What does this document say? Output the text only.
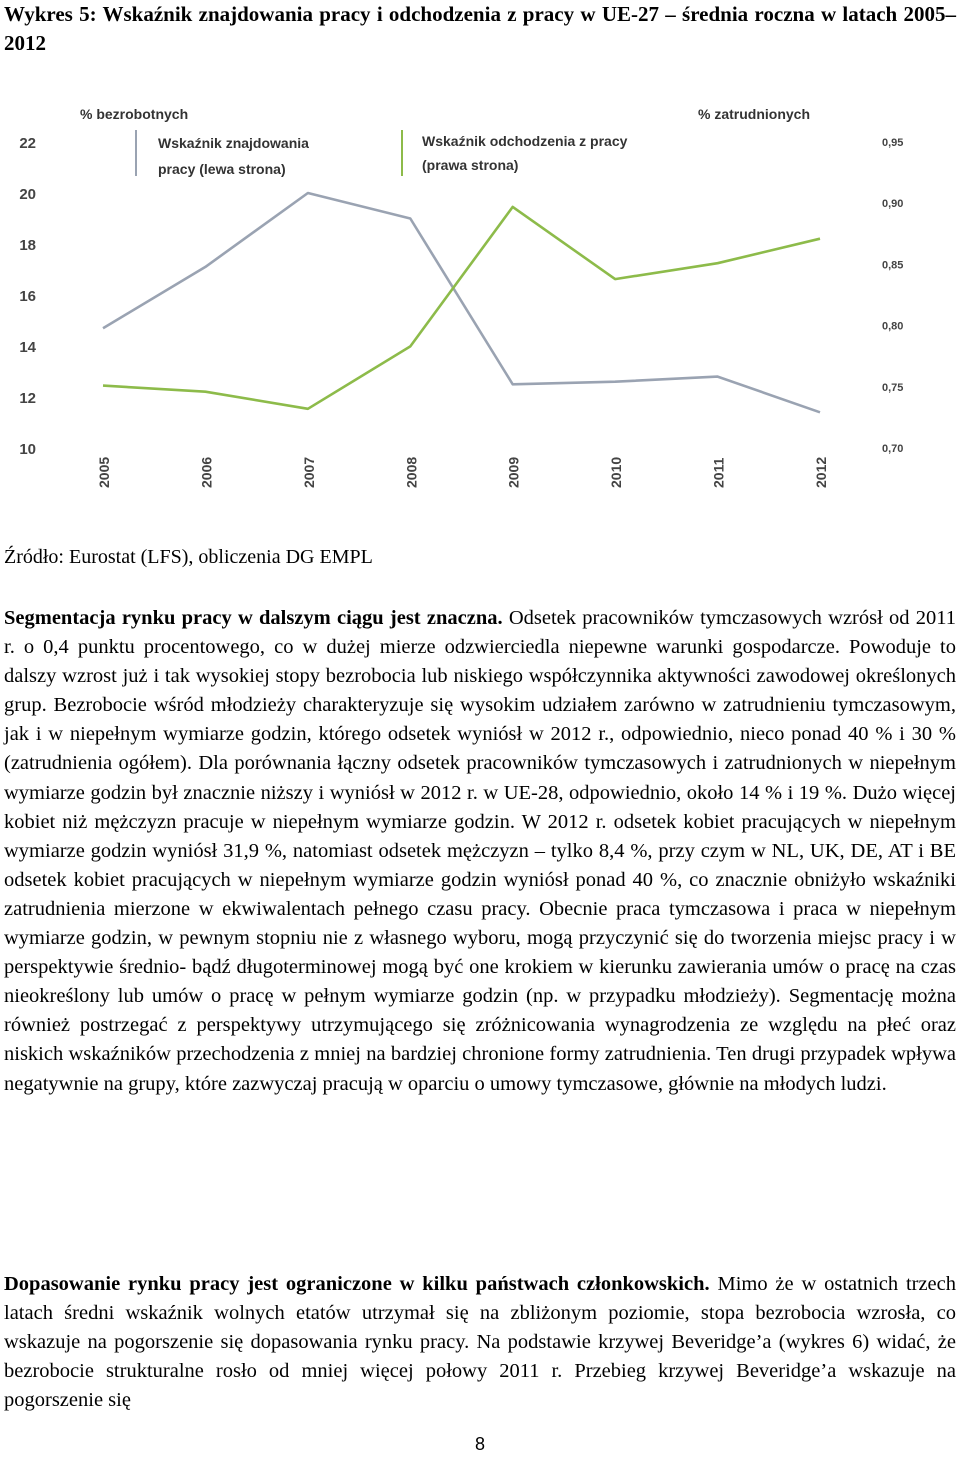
Wykres 5: Wskaźnik znajdowania pracy i odchodzenia z pracy w UE-27 – średnia roczna w latach 2005–2012
% bezrobotnych	% zatrudnionych
Wskaźnik znajdowania
pracy (lewa strona)
Wskaźnik odchodzenia z pracy
(prawa strona)
10
12
14
16
18
20
22
0,70
0,75
0,80
0,85
0,90
0,95
2005	2006	2007	2008	2009	2010	2011	2012
Źródło: Eurostat (LFS), obliczenia DG EMPL

Segmentacja rynku pracy w dalszym ciągu jest znaczna. Odsetek pracowników tymczasowych wzrósł od 2011 r. o 0,4 punktu procentowego, co w dużej mierze odzwierciedla niepewne warunki gospodarcze. Powoduje to dalszy wzrost już i tak wysokiej stopy bezrobocia lub niskiego współczynnika aktywności zawodowej określonych grup. Bezrobocie wśród młodzieży charakteryzuje się wysokim udziałem zarówno w zatrudnieniu tymczasowym, jak i w niepełnym wymiarze godzin, którego odsetek wyniósł w 2012 r., odpowiednio, nieco ponad 40 % i 30 % (zatrudnienia ogółem). Dla porównania łączny odsetek pracowników tymczasowych i zatrudnionych w niepełnym wymiarze godzin był znacznie niższy i wyniósł w 2012 r. w UE-28, odpowiednio, około 14 % i 19 %. Dużo więcej kobiet niż mężczyzn pracuje w niepełnym wymiarze godzin. W 2012 r. odsetek kobiet pracujących w niepełnym wymiarze godzin wyniósł 31,9 %, natomiast odsetek mężczyzn – tylko 8,4 %, przy czym w NL, UK, DE, AT i BE odsetek kobiet pracujących w niepełnym wymiarze godzin wyniósł ponad 40 %, co znacznie obniżyło wskaźniki zatrudnienia mierzone w ekwiwalentach pełnego czasu pracy. Obecnie praca tymczasowa i praca w niepełnym wymiarze godzin, w pewnym stopniu nie z własnego wyboru, mogą przyczynić się do tworzenia miejsc pracy i w perspektywie średnio- bądź długoterminowej mogą być one krokiem w kierunku zawierania umów o pracę na czas nieokreślony lub umów o pracę w pełnym wymiarze godzin (np. w przypadku młodzieży). Segmentację można również postrzegać z perspektywy utrzymującego się zróżnicowania wynagrodzenia ze względu na płeć oraz niskich wskaźników przechodzenia z mniej na bardziej chronione formy zatrudnienia. Ten drugi przypadek wpływa negatywnie na grupy, które zazwyczaj pracują w oparciu o umowy tymczasowe, głównie na młodych ludzi.

Dopasowanie rynku pracy jest ograniczone w kilku państwach członkowskich. Mimo że w ostatnich trzech latach średni wskaźnik wolnych etatów utrzymał się na zbliżonym poziomie, stopa bezrobocia wzrosła, co wskazuje na pogorszenie się dopasowania rynku pracy. Na podstawie krzywej Beveridge’a (wykres 6) widać, że bezrobocie strukturalne rosło od mniej więcej połowy 2011 r. Przebieg krzywej Beveridge’a wskazuje na pogorszenie się

8
